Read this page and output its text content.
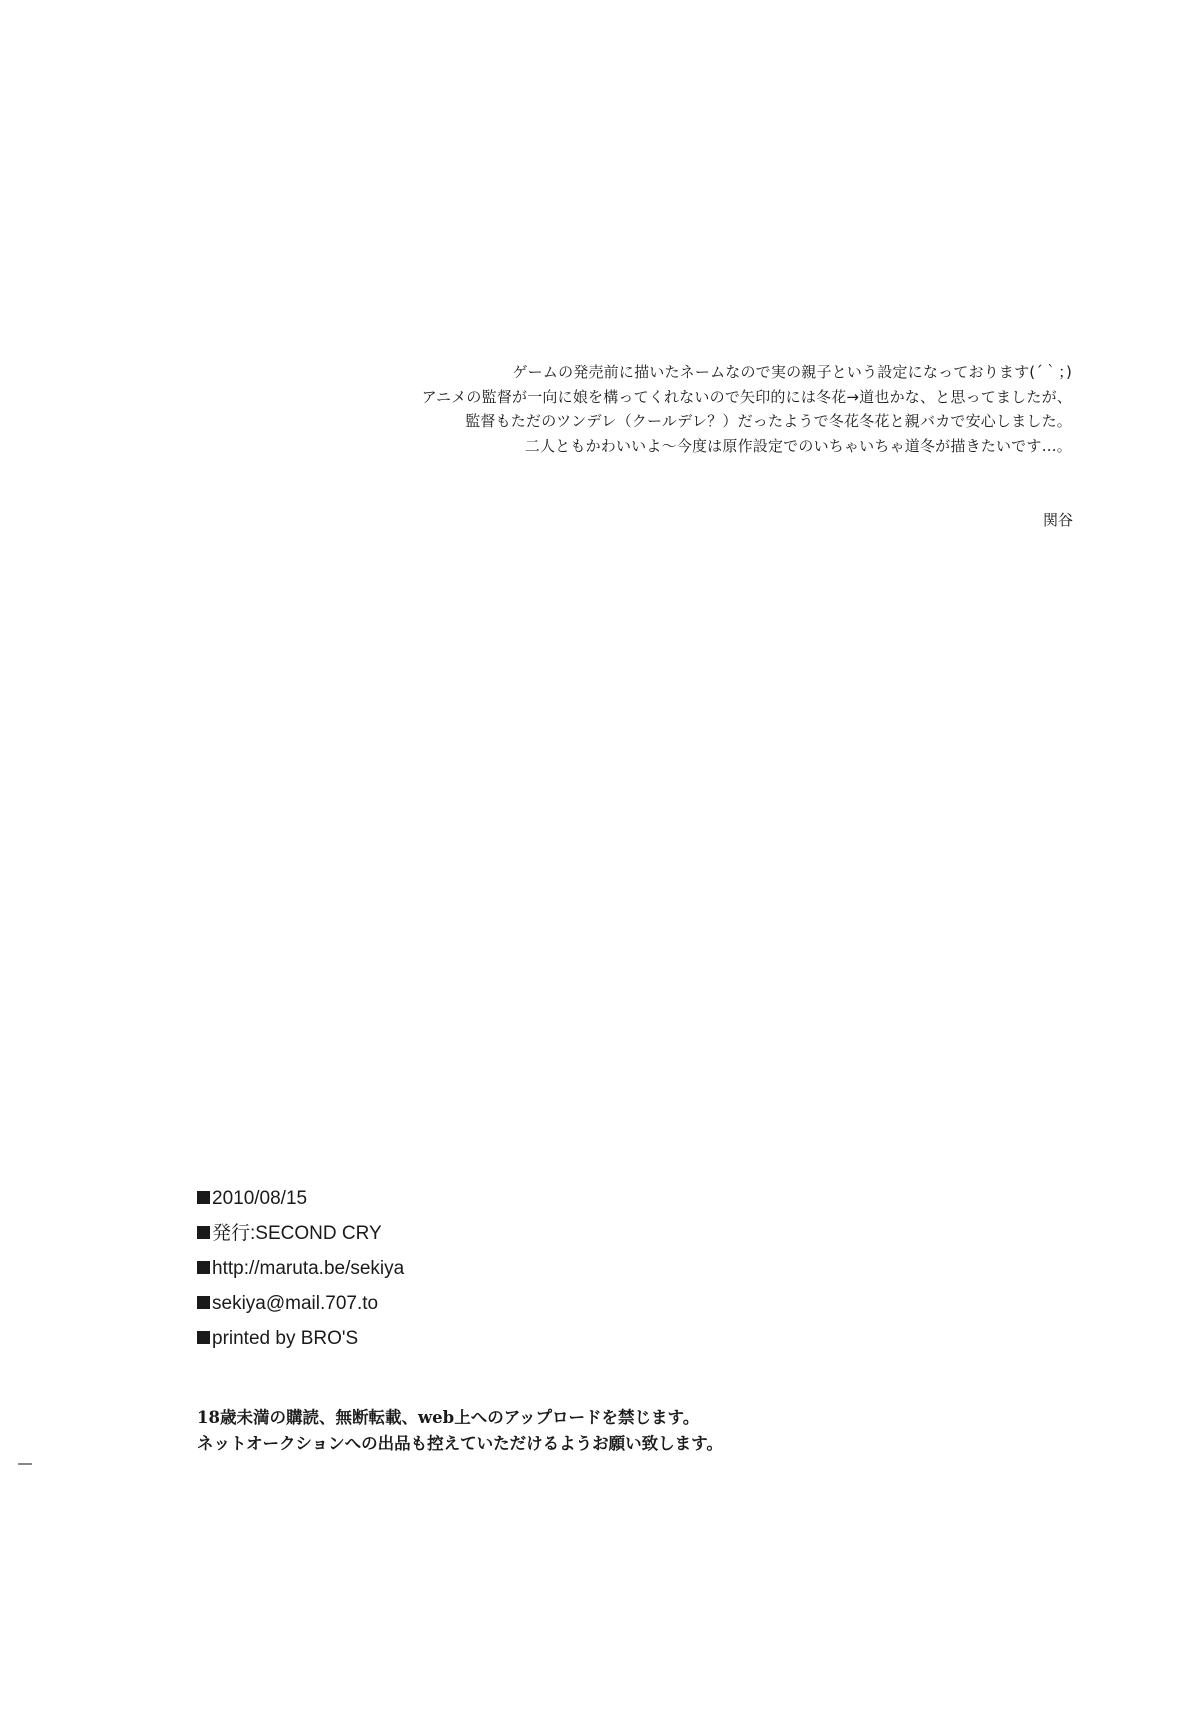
ゲームの発売前に描いたネームなので実の親子という設定になっております(´｀；)
アニメの監督が一向に娘を構ってくれないので矢印的には冬花→道也かな、と思ってましたが、
監督もただのツンデレ（クールデレ？）だったようで冬花冬花と親バカで安心しました。
二人ともかわいいよ～今度は原作設定でのいちゃいちゃ道冬が描きたいです…。
関谷
2010/08/15
発行:SECOND CRY
http://maruta.be/sekiya
sekiya@mail.707.to
printed by BRO'S
18歳未満の購読、無断転載、web上へのアップロードを禁じます。
ネットオークションへの出品も控えていただけるようお願い致します。
